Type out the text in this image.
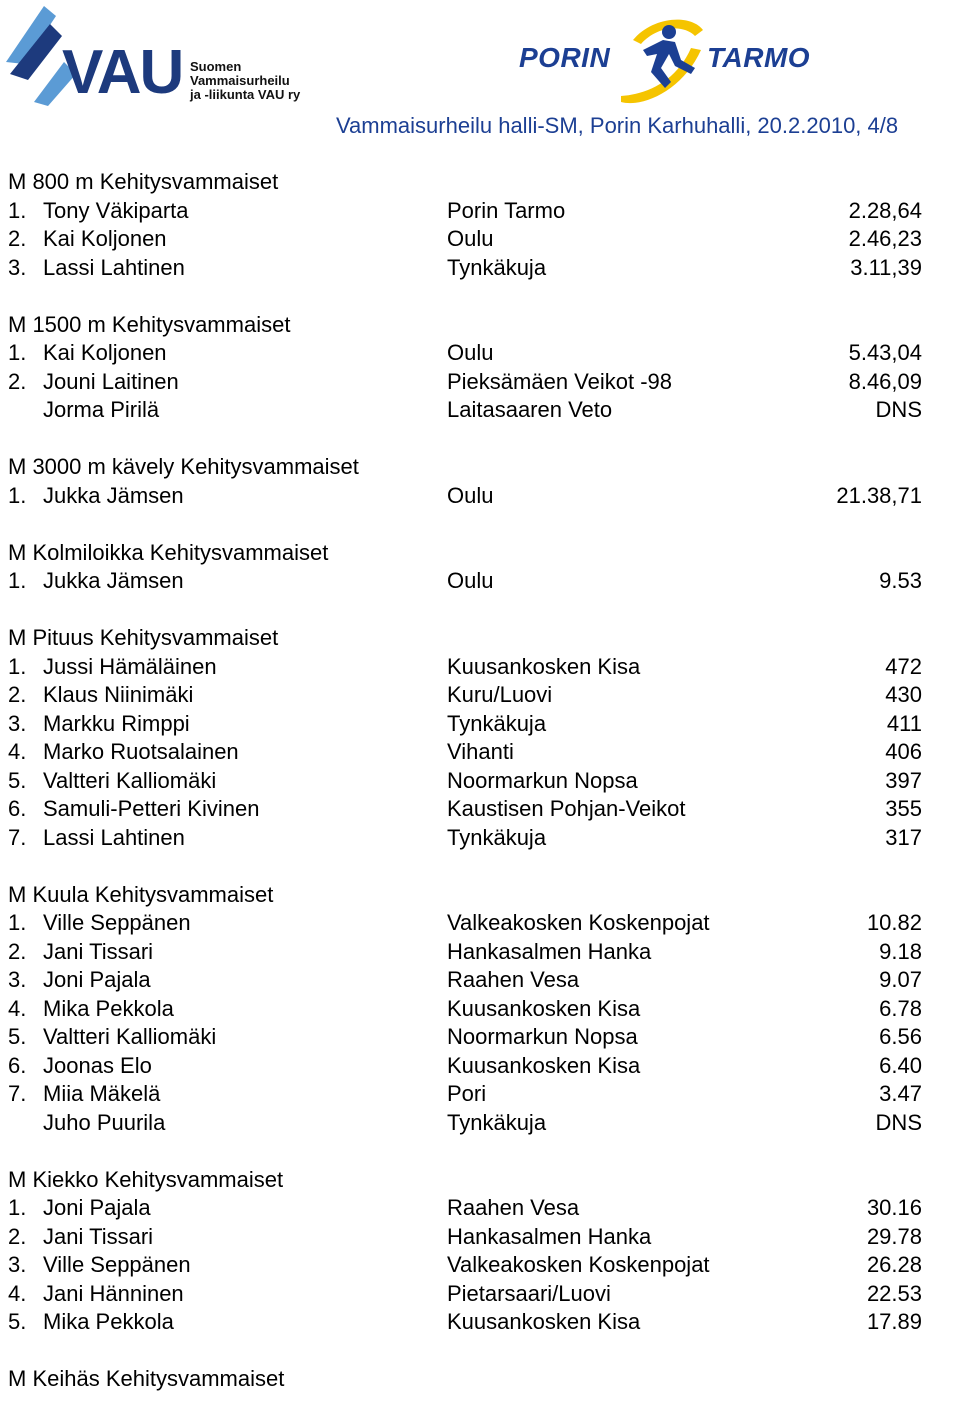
VAU Suomen
Vammaisurheilu
ja -liikunta VAU ry
PORIN	TARMO
Vammaisurheilu halli-SM, Porin Karhuhalli, 20.2.2010, 4/8
M 800 m Kehitysvammaiset
1. Tony Väkiparta	Porin Tarmo	2.28,64
2. Kai Koljonen	Oulu	2.46,23
3. Lassi Lahtinen	Tynkäkuja	3.11,39
M 1500 m Kehitysvammaiset
1. Kai Koljonen	Oulu	5.43,04
2. Jouni Laitinen	Pieksämäen Veikot -98	8.46,09
Jorma Pirilä	Laitasaaren Veto	DNS
M 3000 m kävely Kehitysvammaiset
1. Jukka Jämsen	Oulu	21.38,71
M Kolmiloikka Kehitysvammaiset
1. Jukka Jämsen	Oulu	9.53
M Pituus Kehitysvammaiset
1. Jussi Hämäläinen	Kuusankosken Kisa	472
2. Klaus Niinimäki	Kuru/Luovi	430
3. Markku Rimppi	Tynkäkuja	411
4. Marko Ruotsalainen	Vihanti	406
5. Valtteri Kalliomäki	Noormarkun Nopsa	397
6. Samuli-Petteri Kivinen	Kaustisen Pohjan-Veikot	355
7. Lassi Lahtinen	Tynkäkuja	317
M Kuula Kehitysvammaiset
1. Ville Seppänen	Valkeakosken Koskenpojat	10.82
2. Jani Tissari	Hankasalmen Hanka	9.18
3. Joni Pajala	Raahen Vesa	9.07
4. Mika Pekkola	Kuusankosken Kisa	6.78
5. Valtteri Kalliomäki	Noormarkun Nopsa	6.56
6. Joonas Elo	Kuusankosken Kisa	6.40
7. Miia Mäkelä	Pori	3.47
Juho Puurila	Tynkäkuja	DNS
M Kiekko Kehitysvammaiset
1. Joni Pajala	Raahen Vesa	30.16
2. Jani Tissari	Hankasalmen Hanka	29.78
3. Ville Seppänen	Valkeakosken Koskenpojat	26.28
4. Jani Hänninen	Pietarsaari/Luovi	22.53
5. Mika Pekkola	Kuusankosken Kisa	17.89
M Keihäs Kehitysvammaiset
